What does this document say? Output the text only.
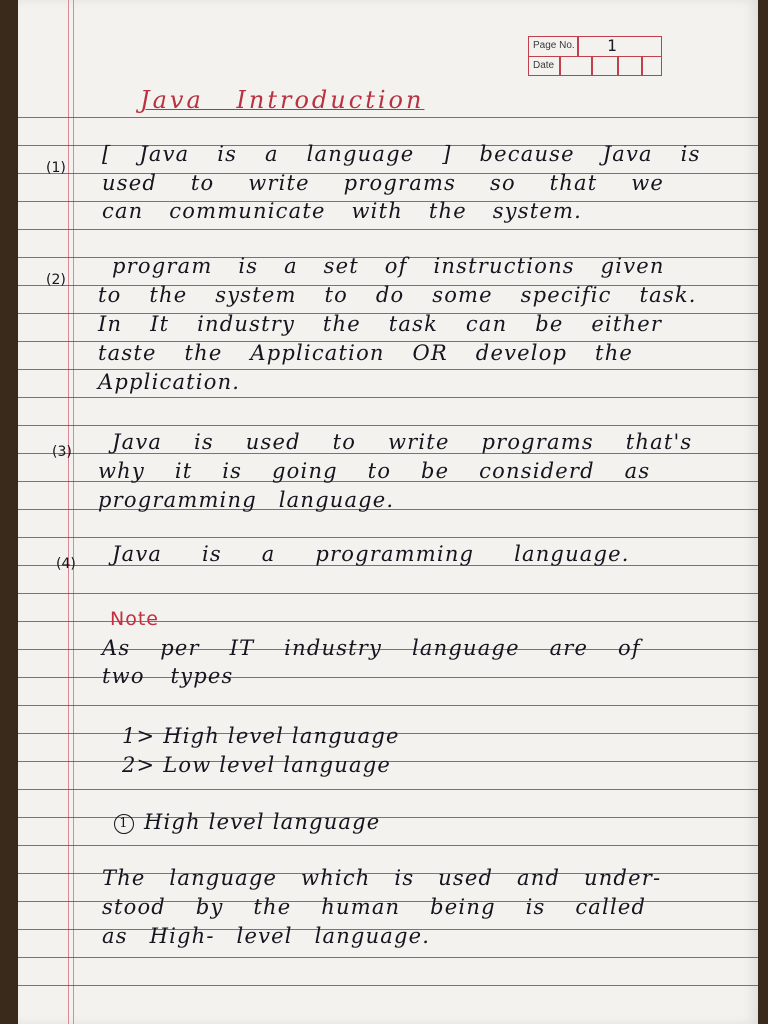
Page No. 1
Date
Java Introduction
(1)
[ Java is a language ] because Java is
used to write programs so that we
can communicate with the system.
(2)
program is a set of instructions given
to the system to do some specific task.
In It industry the task can be either
taste the Application OR develop the
Application.
(3) Java is used to write programs that's
why it is going to be considerd as
programming language.
(4) Java is a programming language.
Note
As per IT industry language are of
two types
1> High level language
2> Low level language
1 High level language
The language which is used and under-
stood by the human being is called
as High- level language.
